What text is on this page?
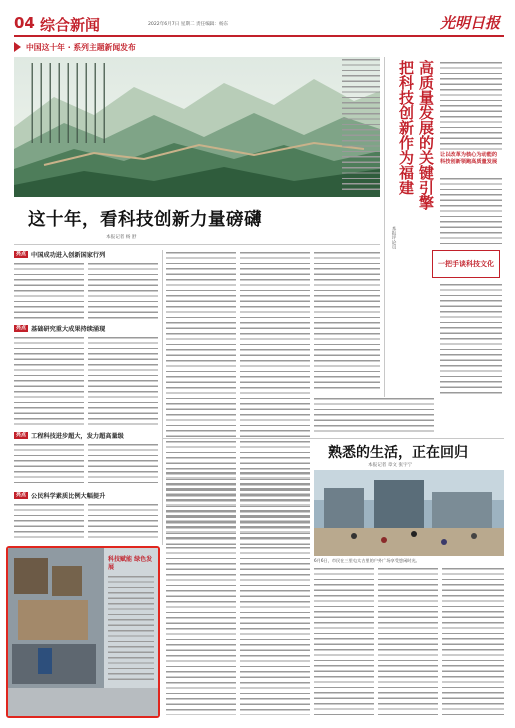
04 综合新闻	2022年6月7日 星期二 责任编辑：杨东	光明日报
中国这十年 · 系列主题新闻发布
这十年，看科技创新力量磅礴
本报记者 杨 舒
亮点 中国成功进入创新国家行列
亮点 基础研究重大成果持续涌现
亮点 工程科技进步超大，发力超高量级
亮点 公民科学素质比例大幅提升
高质量发展的关键引擎 把科技创新作为福建
本报评论员
让以改革为核心为动能的科技创新领跑高质量发展
一把手谈科技文化
熟悉的生活，正在回归
本报记者 章文 张宇宁
6月6日，市民在三里屯太古里的户外广场享受悠闲时光。
科技赋能 绿色发展
